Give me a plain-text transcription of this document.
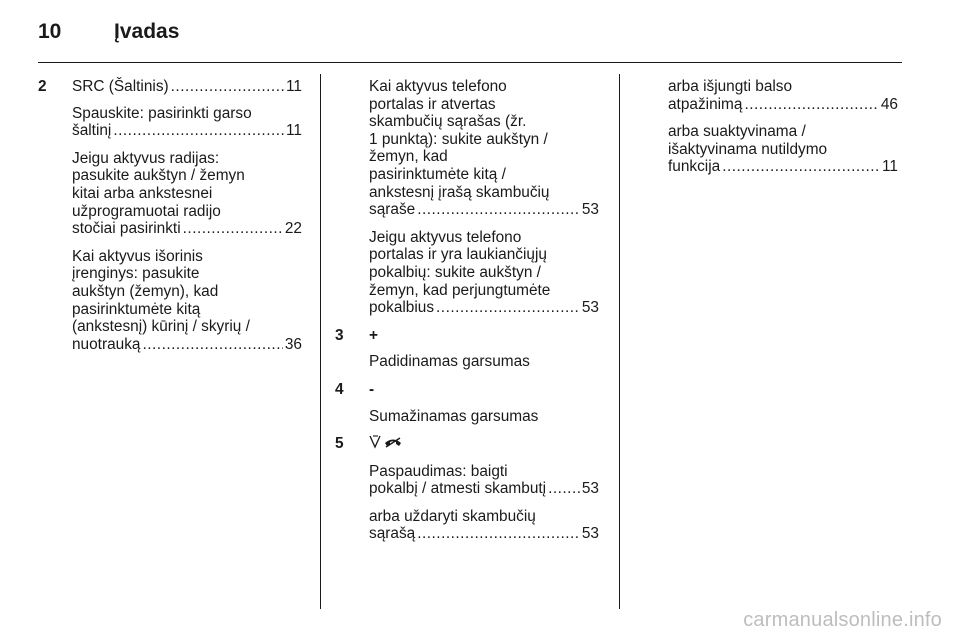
10	Įvadas
2 SRC (Šaltinis) .....	11
Spauskite: pasirinkti garso
šaltinį .....	11
Jeigu aktyvus radijas:
pasukite aukštyn / žemyn
kitai arba ankstesnei
užprogramuotai radijo
stočiai pasirinkti .....	22
Kai aktyvus išorinis
įrenginys: pasukite
aukštyn (žemyn), kad
pasirinktumėte kitą
(ankstesnį) kūrinį / skyrių /
nuotrauką .....	36
Kai aktyvus telefono
portalas ir atvertas
skambučių sąrašas (žr.
1 punktą): sukite aukštyn /
žemyn, kad
pasirinktumėte kitą /
ankstesnį įrašą skambučių
sąraše .....	53
Jeigu aktyvus telefono
portalas ir yra laukiančiųjų
pokalbių: sukite aukštyn /
žemyn, kad perjungtumėte
pokalbius .....	53
3 +
Padidinamas garsumas
4 -
Sumažinamas garsumas
5
Paspaudimas: baigti
pokalbį / atmesti skambutį ..... 53
arba uždaryti skambučių
sąrašą .....	53
arba išjungti balso
atpažinimą .....	46
arba suaktyvinama /
išaktyvinama nutildymo
funkcija .....	11
carmanualsonline.info
